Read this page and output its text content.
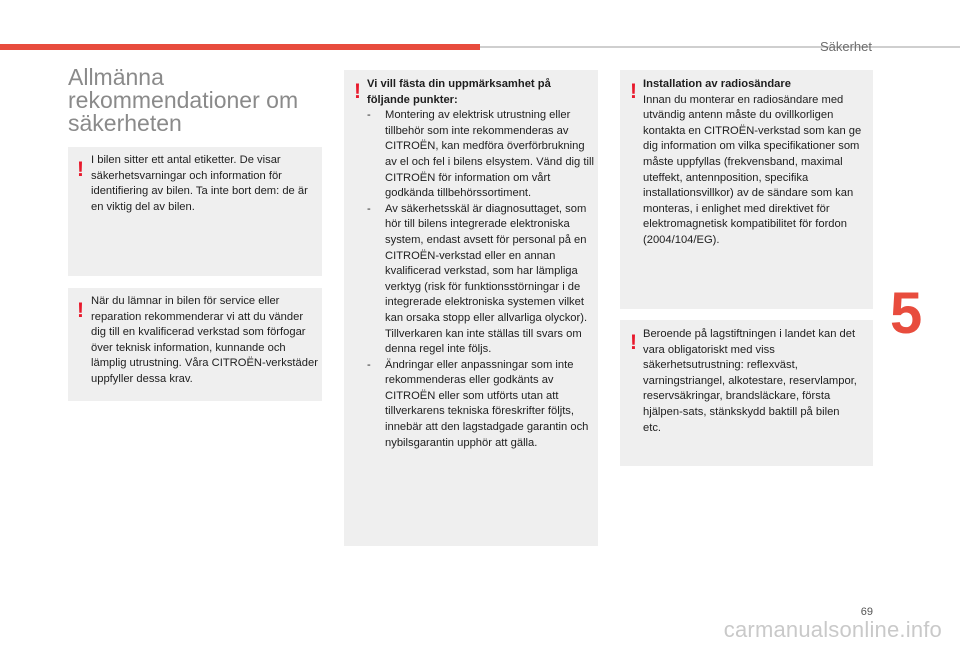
Säkerhet
5
Allmänna rekommendationer om säkerheten
! I bilen sitter ett antal etiketter. De visar säkerhetsvarningar och information för identifiering av bilen. Ta inte bort dem: de är en viktig del av bilen.
! När du lämnar in bilen för service eller reparation rekommenderar vi att du vänder dig till en kvalificerad verkstad som förfogar över teknisk information, kunnande och lämplig utrustning. Våra CITROËN-verkstäder uppfyller dessa krav.
! Vi vill fästa din uppmärksamhet på följande punkter:

- Montering av elektrisk utrustning eller tillbehör som inte rekommenderas av CITROËN, kan medföra överförbrukning av el och fel i bilens elsystem. Vänd dig till CITROËN för information om vårt godkända tillbehörssortiment.
- Av säkerhetsskäl är diagnosuttaget, som hör till bilens integrerade elektroniska system, endast avsett för personal på en CITROËN-verkstad eller en annan kvalificerad verkstad, som har lämpliga verktyg (risk för funktionsstörningar i de integrerade elektroniska systemen vilket kan orsaka stopp eller allvarliga olyckor). Tillverkaren kan inte ställas till svars om denna regel inte följs.
- Ändringar eller anpassningar som inte rekommenderas eller godkänts av CITROËN eller som utförts utan att tillverkarens tekniska föreskrifter följts, innebär att den lagstadgade garantin och nybilsgarantin upphör att gälla.
! Installation av radiosändare

Innan du monterar en radiosändare med utvändig antenn måste du ovillkorligen kontakta en CITROËN-verkstad som kan ge dig information om vilka specifikationer som måste uppfyllas (frekvensband, maximal uteffekt, antennposition, specifika installationsvillkor) av de sändare som kan monteras, i enlighet med direktivet för elektromagnetisk kompatibilitet för fordon (2004/104/EG).

! Beroende på lagstiftningen i landet kan det vara obligatoriskt med viss säkerhetsutrustning: reflexväst, varningstriangel, alkotestare, reservlampor, reservsäkringar, brandsläckare, första hjälpen-sats, stänkskydd baktill på bilen etc.
69
carmanualsonline.info
